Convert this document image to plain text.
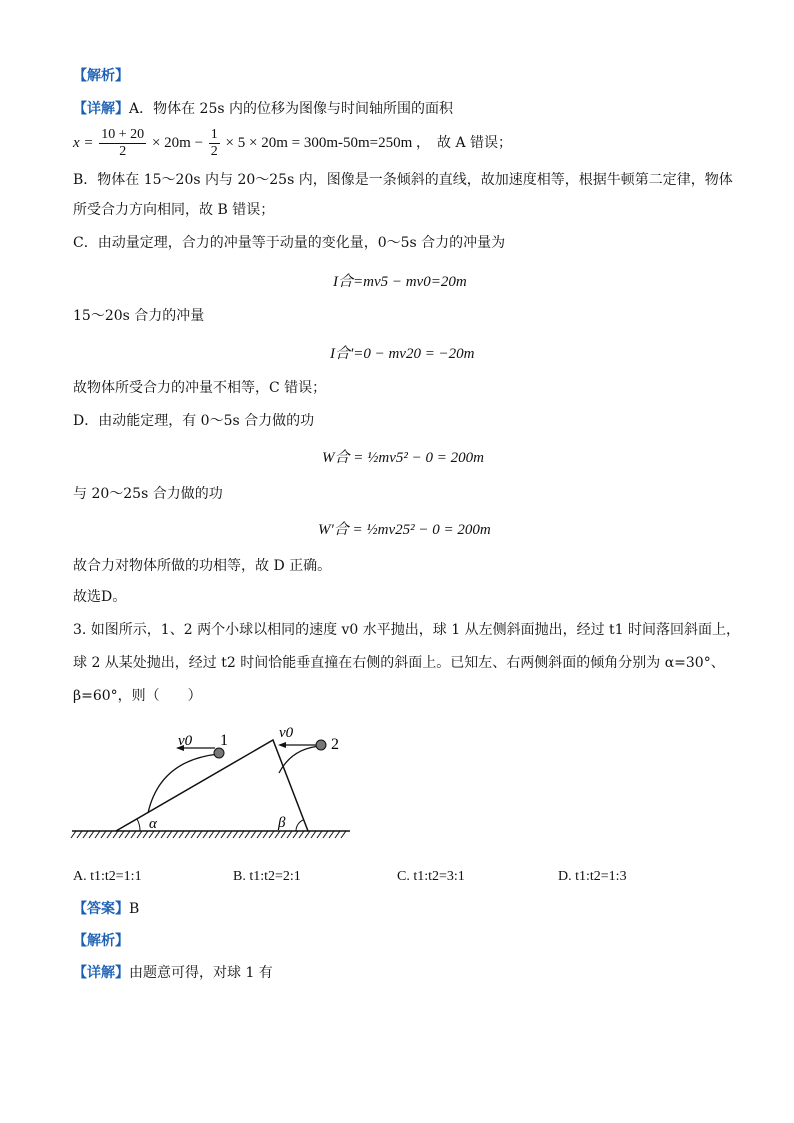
【解析】
【详解】A．物体在 25s 内的位移为图像与时间轴所围的面积
$x = \frac{10 + 20}{2} \times 20m - \frac{1}{2} \times 5 \times 20m = 300m-50m=250m$ ，　故 A 错误；
B．物体在 15～20s 内与 20～25s 内，图像是一条倾斜的直线，故加速度相等，根据牛顿第二定律，物体
所受合力方向相同，故 B 错误；
C．由动量定理，合力的冲量等于动量的变化量，0～5s 合力的冲量为
I合=mv5 − mv0=20m
15～20s 合力的冲量
I合'=0 − mv20 = −20m
故物体所受合力的冲量不相等，C 错误；
D．由动能定理，有 0～5s 合力做的功
W合 = ½mv5² − 0 = 200m
与 20～25s 合力做的功
W′合 = ½mv25² − 0 = 200m
故合力对物体所做的功相等，故 D 正确。
故选D。
3. 如图所示，1、2 两个小球以相同的速度 v0 水平抛出，球 1 从左侧斜面抛出，经过 t1 时间落回斜面上，
球 2 从某处抛出，经过 t2 时间恰能垂直撞在右侧的斜面上。已知左、右两侧斜面的倾角分别为 α=30°、
β=60°，则（　　）
α	β
v0 1	v0
2
A. t1:t2=1:1	B. t1:t2=2:1	C. t1:t2=3:1	D. t1:t2=1:3
【答案】B
【解析】
【详解】由题意可得，对球 1 有
